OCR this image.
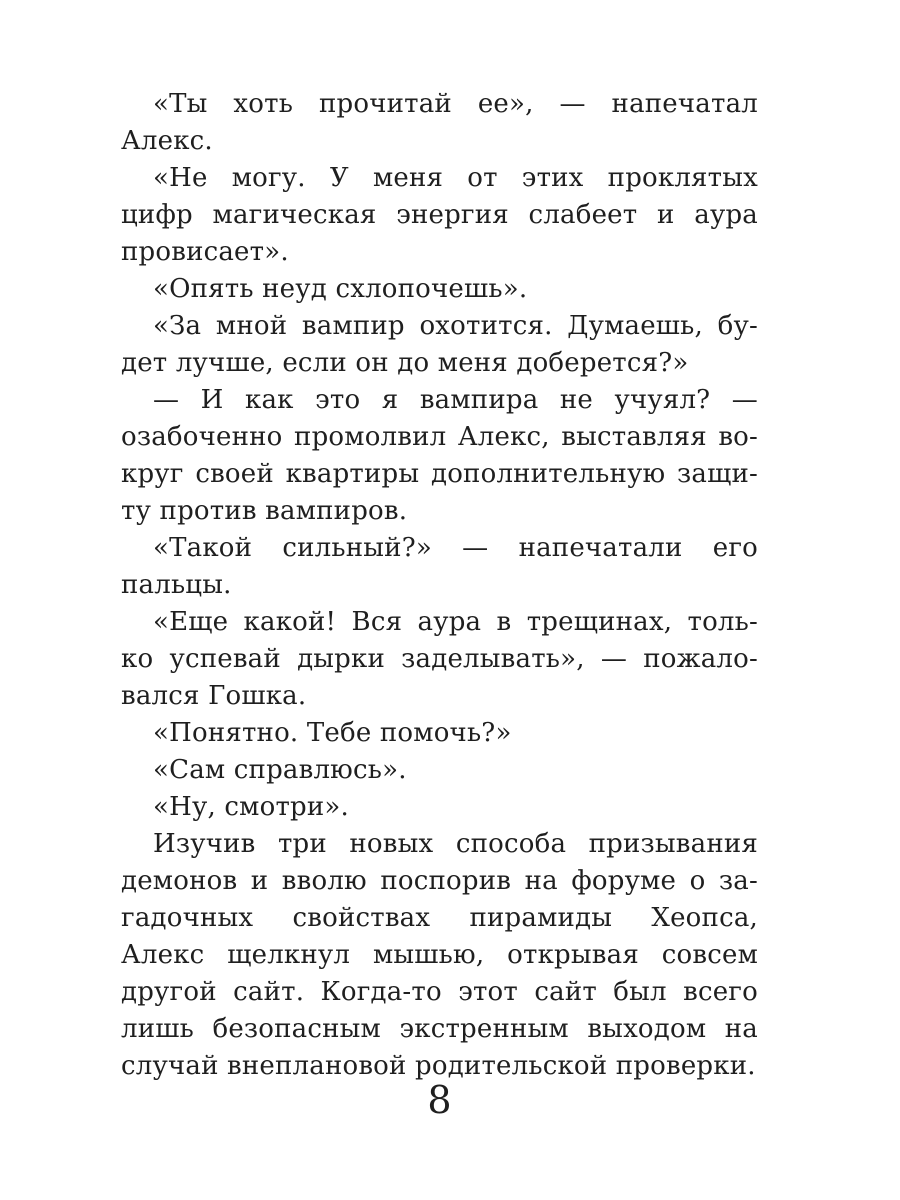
«Ты хоть прочитай ее», — напечатал
Алекс.
«Не могу. У меня от этих проклятых
цифр магическая энергия слабеет и аура
провисает».
«Опять неуд схлопочешь».
«За мной вампир охотится. Думаешь, бу-
дет лучше, если он до меня доберется?»
— И как это я вампира не учуял? —
озабоченно промолвил Алекс, выставляя во-
круг своей квартиры дополнительную защи-
ту против вампиров.
«Такой сильный?» — напечатали его
пальцы.
«Еще какой! Вся аура в трещинах, толь-
ко успевай дырки заделывать», — пожало-
вался Гошка.
«Понятно. Тебе помочь?»
«Сам справлюсь».
«Ну, смотри».
Изучив три новых способа призывания
демонов и вволю поспорив на форуме о за-
гадочных свойствах пирамиды Хеопса,
Алекс щелкнул мышью, открывая совсем
другой сайт. Когда-то этот сайт был всего
лишь безопасным экстренным выходом на
случай внеплановой родительской проверки.
8
